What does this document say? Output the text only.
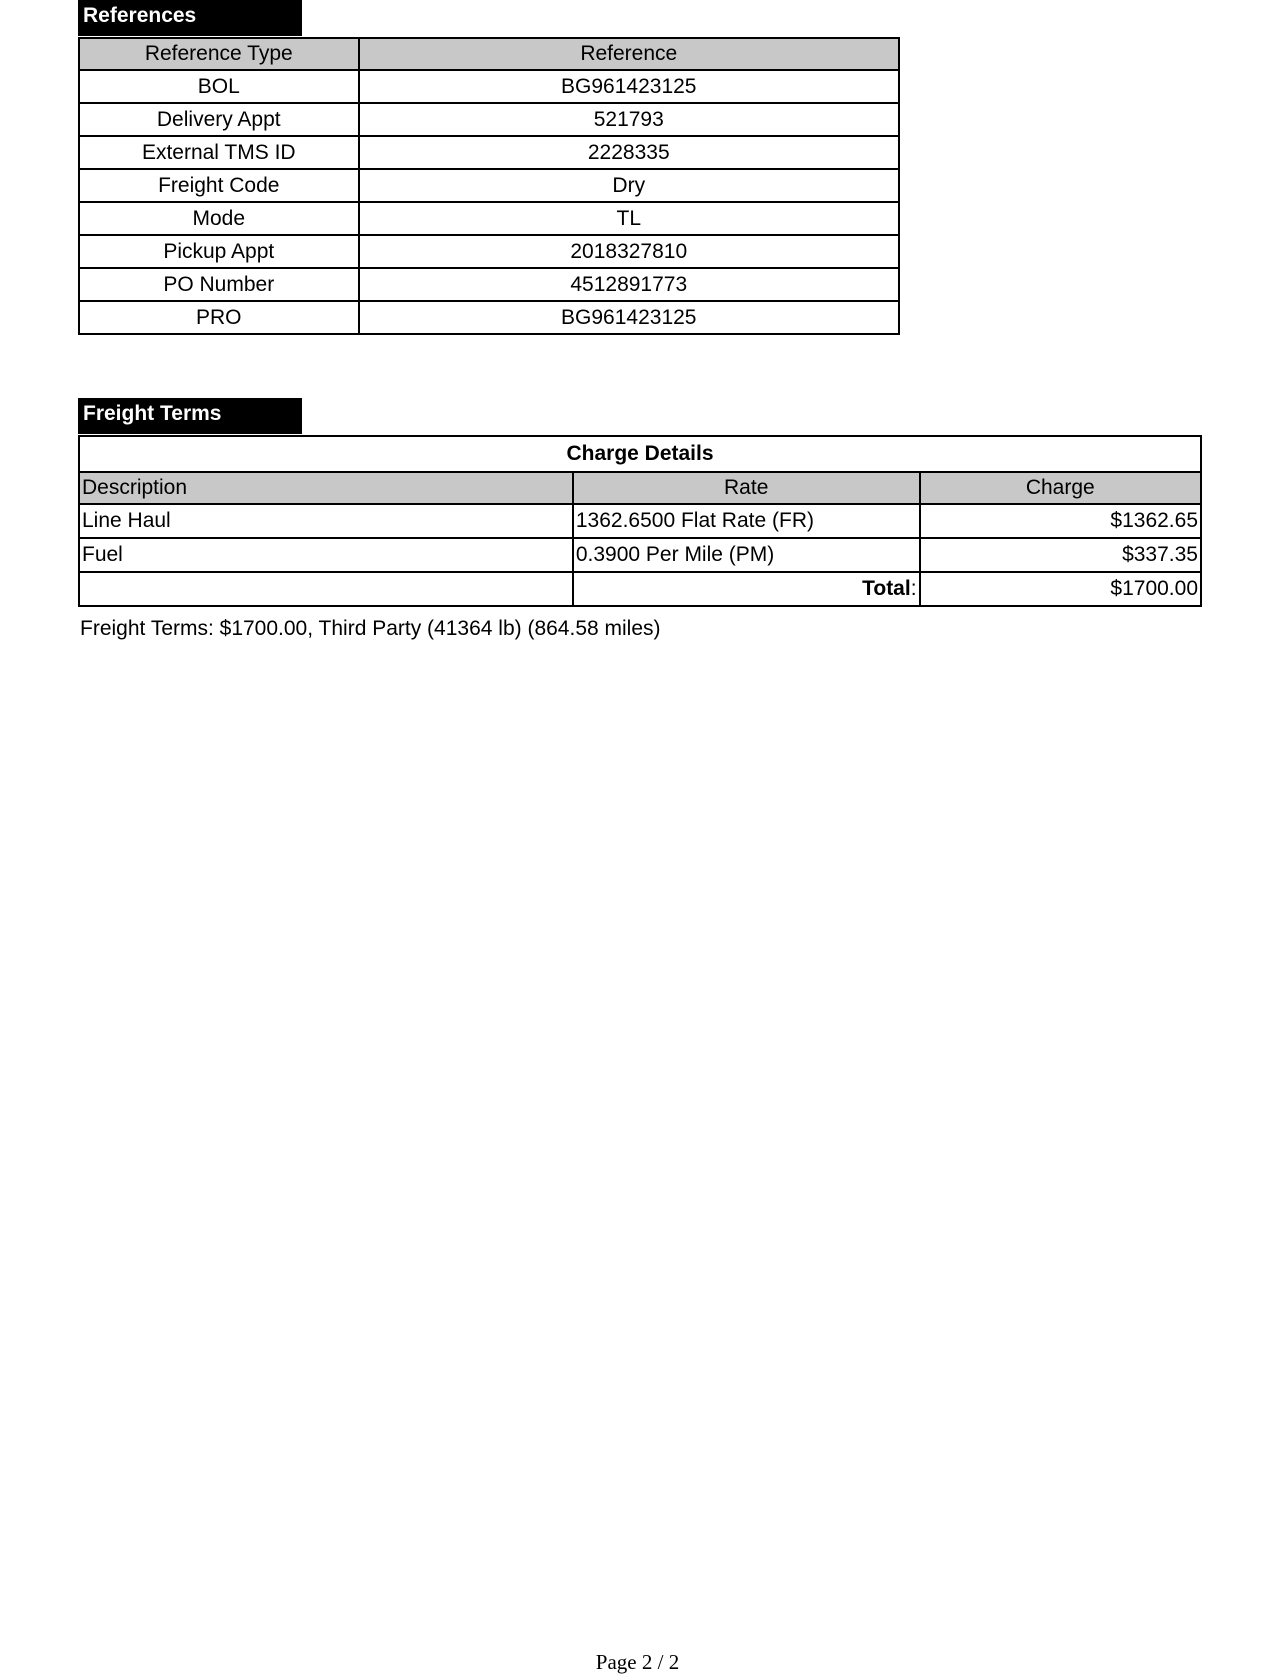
References
Reference Type	Reference
BOL	BG961423125
Delivery Appt	521793
External TMS ID	2228335
Freight Code	Dry
Mode	TL
Pickup Appt	2018327810
PO Number	4512891773
PRO	BG961423125
Freight Terms
Charge Details		
Description	Rate	Charge
Line Haul	1362.6500 Flat Rate (FR)	$1362.65
Fuel	0.3900 Per Mile (PM)	$337.35
	Total:	$1700.00
Freight Terms: $1700.00, Third Party (41364 lb) (864.58 miles)
Page 2 / 2
